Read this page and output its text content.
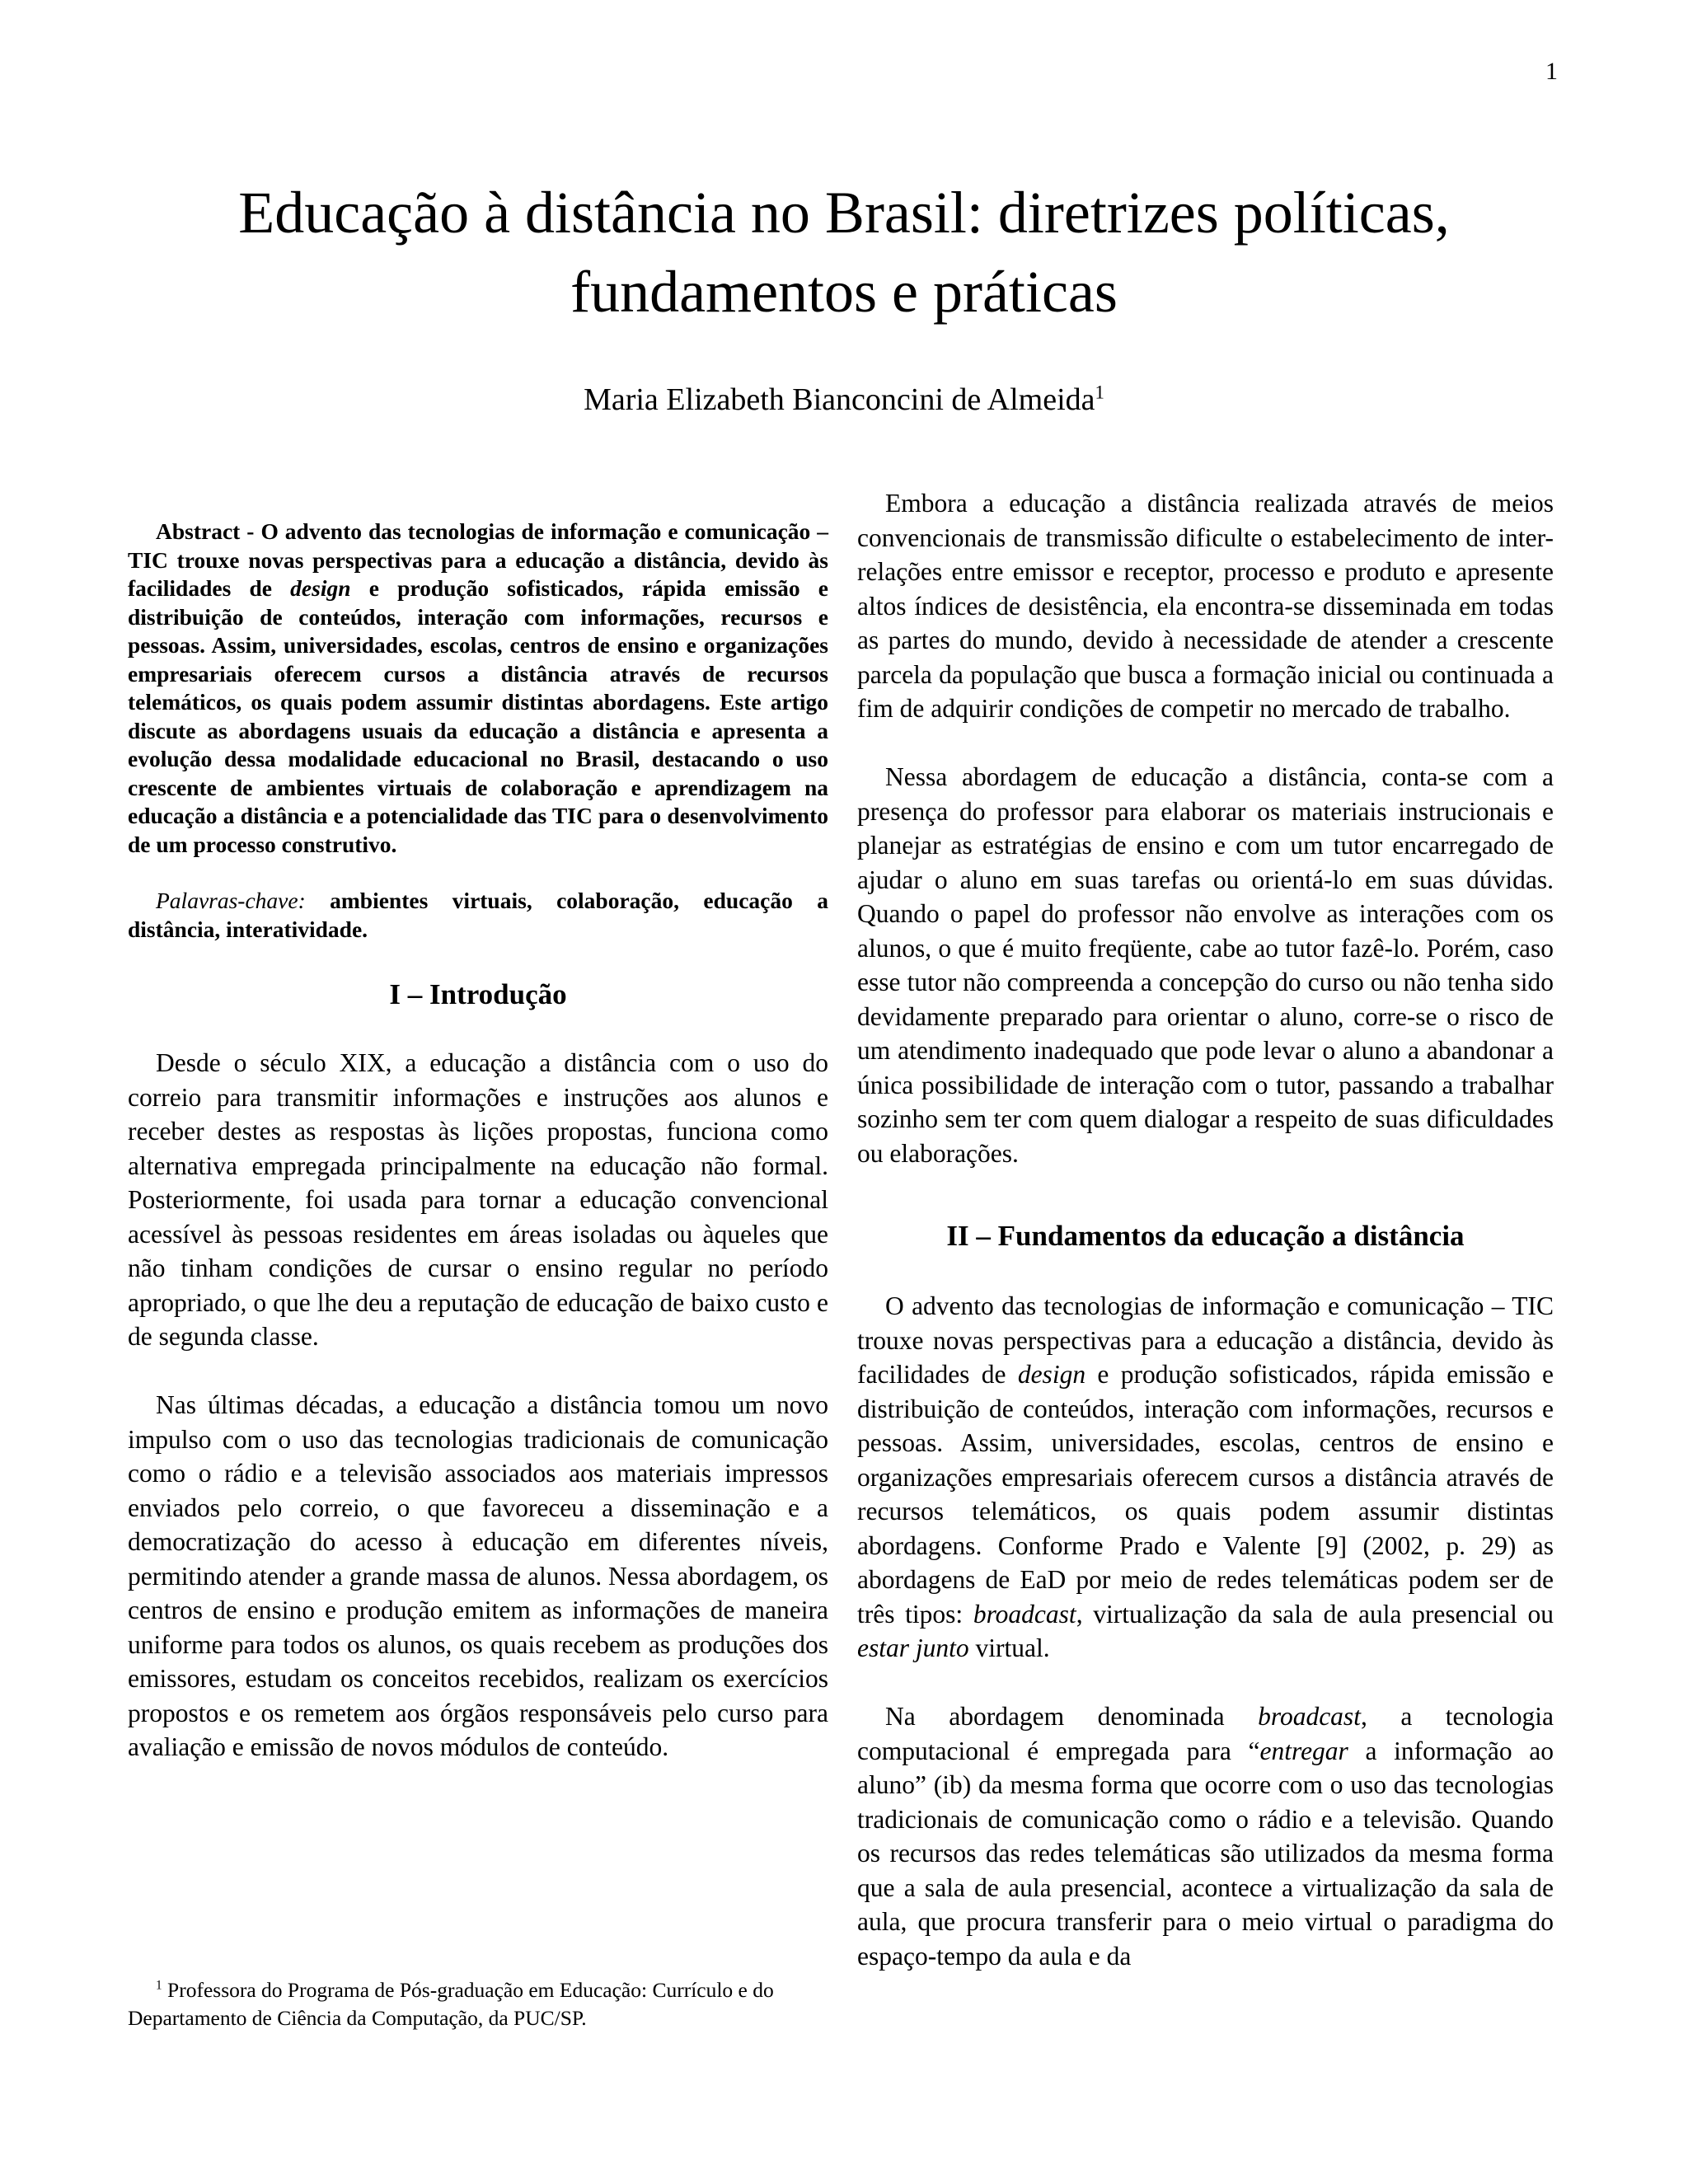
1
Educação à distância no Brasil: diretrizes políticas, fundamentos e práticas

Maria Elizabeth Bianconcini de Almeida$^1$

Abstract - O advento das tecnologias de informação e comunicação – TIC trouxe novas perspectivas para a educação a distância, devido às facilidades de design e produção sofisticados, rápida emissão e distribuição de conteúdos, interação com informações, recursos e pessoas. Assim, universidades, escolas, centros de ensino e organizações empresariais oferecem cursos a distância através de recursos telemáticos, os quais podem assumir distintas abordagens. Este artigo discute as abordagens usuais da educação a distância e apresenta a evolução dessa modalidade educacional no Brasil, destacando o uso crescente de ambientes virtuais de colaboração e aprendizagem na educação a distância e a potencialidade das TIC para o desenvolvimento de um processo construtivo.

Palavras-chave: ambientes virtuais, colaboração, educação a distância, interatividade.

I – Introdução

Desde o século XIX, a educação a distância com o uso do correio para transmitir informações e instruções aos alunos e receber destes as respostas às lições propostas, funciona como alternativa empregada principalmente na educação não formal. Posteriormente, foi usada para tornar a educação convencional acessível às pessoas residentes em áreas isoladas ou àqueles que não tinham condições de cursar o ensino regular no período apropriado, o que lhe deu a reputação de educação de baixo custo e de segunda classe.

Nas últimas décadas, a educação a distância tomou um novo impulso com o uso das tecnologias tradicionais de comunicação como o rádio e a televisão associados aos materiais impressos enviados pelo correio, o que favoreceu a disseminação e a democratização do acesso à educação em diferentes níveis, permitindo atender a grande massa de alunos. Nessa abordagem, os centros de ensino e produção emitem as informações de maneira uniforme para todos os alunos, os quais recebem as produções dos emissores, estudam os conceitos recebidos, realizam os exercícios propostos e os remetem aos órgãos responsáveis pelo curso para avaliação e emissão de novos módulos de conteúdo.

Embora a educação a distância realizada através de meios convencionais de transmissão dificulte o estabelecimento de inter-relações entre emissor e receptor, processo e produto e apresente altos índices de desistência, ela encontra-se disseminada em todas as partes do mundo, devido à necessidade de atender a crescente parcela da população que busca a formação inicial ou continuada a fim de adquirir condições de competir no mercado de trabalho.

Nessa abordagem de educação a distância, conta-se com a presença do professor para elaborar os materiais instrucionais e planejar as estratégias de ensino e com um tutor encarregado de ajudar o aluno em suas tarefas ou orientá-lo em suas dúvidas. Quando o papel do professor não envolve as interações com os alunos, o que é muito freqüente, cabe ao tutor fazê-lo. Porém, caso esse tutor não compreenda a concepção do curso ou não tenha sido devidamente preparado para orientar o aluno, corre-se o risco de um atendimento inadequado que pode levar o aluno a abandonar a única possibilidade de interação com o tutor, passando a trabalhar sozinho sem ter com quem dialogar a respeito de suas dificuldades ou elaborações.

II – Fundamentos da educação a distância

O advento das tecnologias de informação e comunicação – TIC trouxe novas perspectivas para a educação a distância, devido às facilidades de design e produção sofisticados, rápida emissão e distribuição de conteúdos, interação com informações, recursos e pessoas. Assim, universidades, escolas, centros de ensino e organizações empresariais oferecem cursos a distância através de recursos telemáticos, os quais podem assumir distintas abordagens. Conforme Prado e Valente [9] (2002, p. 29) as abordagens de EaD por meio de redes telemáticas podem ser de três tipos: broadcast, virtualização da sala de aula presencial ou estar junto virtual.

Na abordagem denominada broadcast, a tecnologia computacional é empregada para “entregar a informação ao aluno” (ib) da mesma forma que ocorre com o uso das tecnologias tradicionais de comunicação como o rádio e a televisão. Quando os recursos das redes telemáticas são utilizados da mesma forma que a sala de aula presencial, acontece a virtualização da sala de aula, que procura transferir para o meio virtual o paradigma do espaço-tempo da aula e da

$^1$ Professora do Programa de Pós-graduação em Educação: Currículo e do Departamento de Ciência da Computação, da PUC/SP.
